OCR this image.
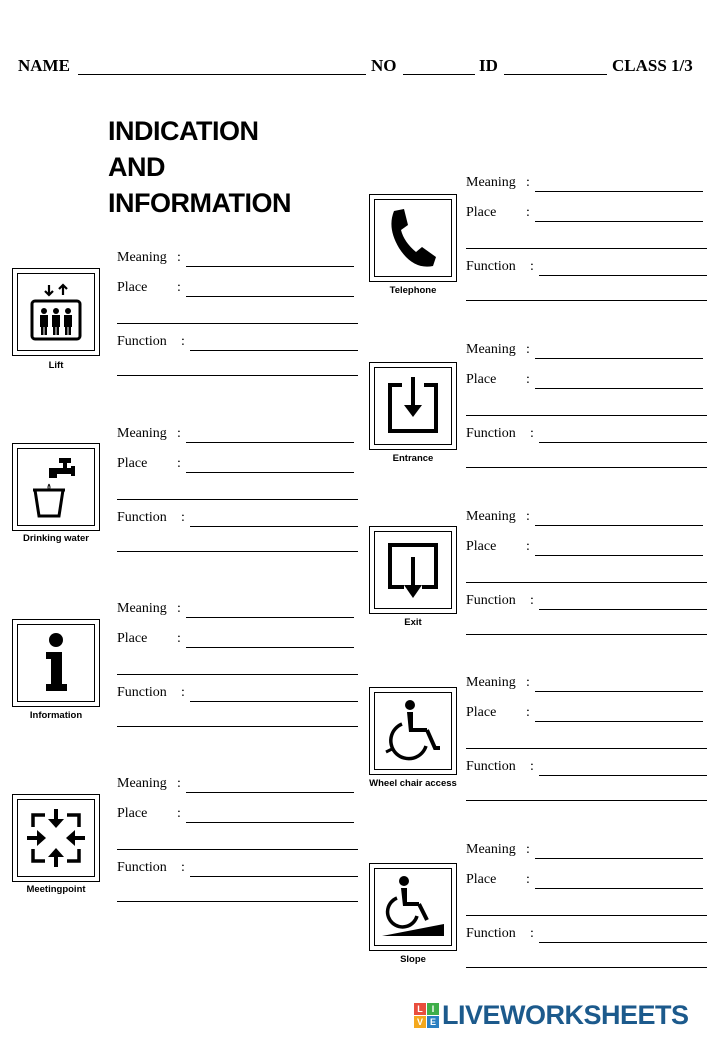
NAME	NO	ID	CLASS 1/3
INDICATION
AND
INFORMATION
Lift
Drinking water
Information
Meetingpoint
Telephone
Entrance
Exit
Wheel chair access
Slope
Meaning :
Place :
Function :
Meaning :
Place :
Function :
Meaning :
Place :
Function :
Meaning :
Place :
Function :
Meaning :
Place :
Function :
Meaning :
Place :
Function :
Meaning :
Place :
Function :
Meaning :
Place :
Function :
Meaning :
Place :
Function :
L I
V E LIVEWORKSHEETS
